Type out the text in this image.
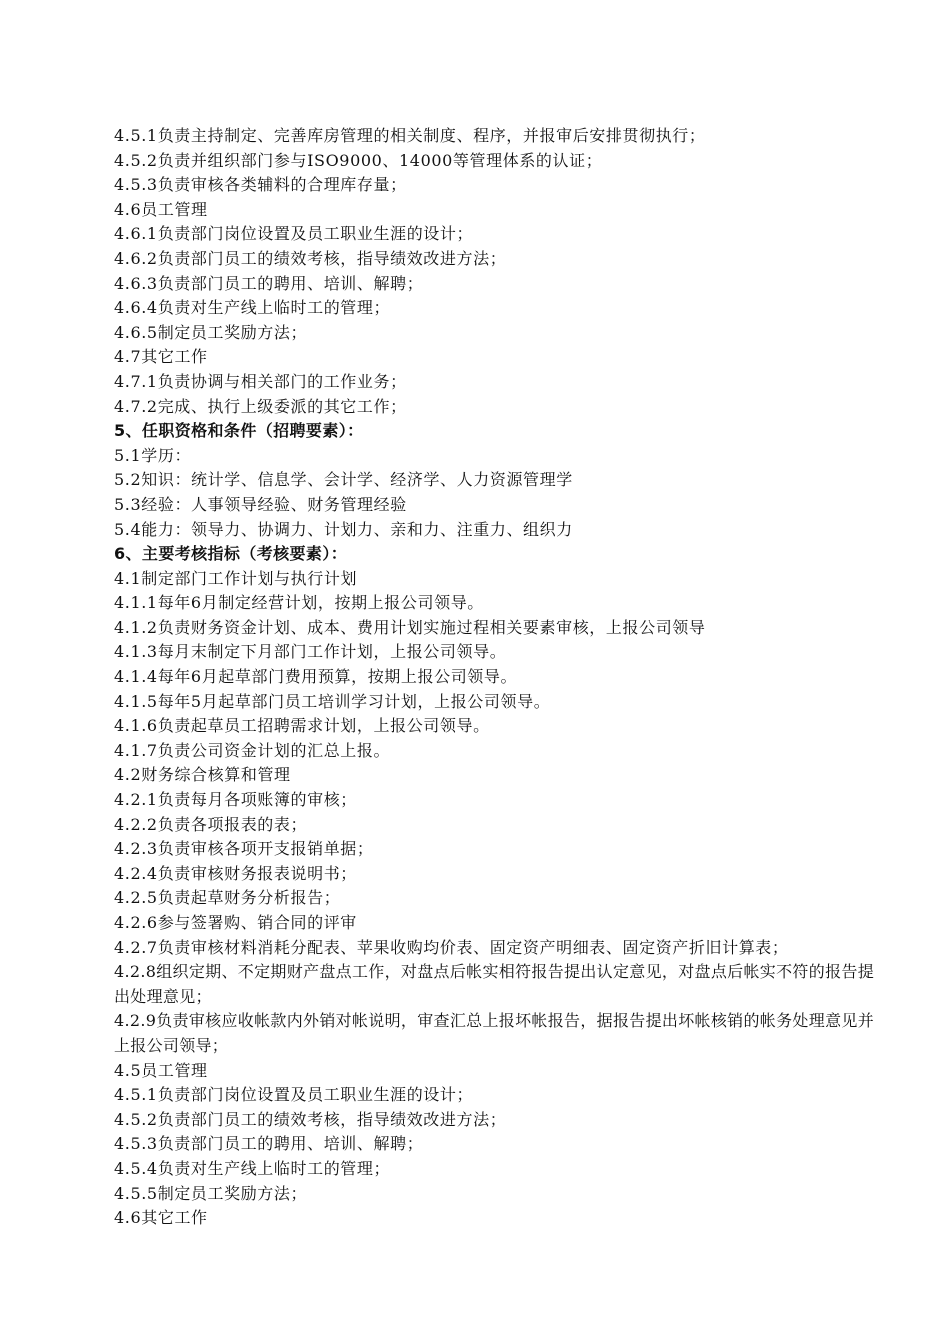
4.5.1负责主持制定、完善库房管理的相关制度、程序，并报审后安排贯彻执行；
4.5.2负责并组织部门参与ISO9000、14000等管理体系的认证；
4.5.3负责审核各类辅料的合理库存量；
4.6员工管理
4.6.1负责部门岗位设置及员工职业生涯的设计；
4.6.2负责部门员工的绩效考核，指导绩效改进方法；
4.6.3负责部门员工的聘用、培训、解聘；
4.6.4负责对生产线上临时工的管理；
4.6.5制定员工奖励方法；
4.7其它工作
4.7.1负责协调与相关部门的工作业务；
4.7.2完成、执行上级委派的其它工作；
5、任职资格和条件（招聘要素）：
5.1学历：
5.2知识：统计学、信息学、会计学、经济学、人力资源管理学
5.3经验：人事领导经验、财务管理经验
5.4能力：领导力、协调力、计划力、亲和力、注重力、组织力
6、主要考核指标（考核要素）：
4.1制定部门工作计划与执行计划
4.1.1每年6月制定经营计划，按期上报公司领导。
4.1.2负责财务资金计划、成本、费用计划实施过程相关要素审核，上报公司领导
4.1.3每月末制定下月部门工作计划，上报公司领导。
4.1.4每年6月起草部门费用预算，按期上报公司领导。
4.1.5每年5月起草部门员工培训学习计划，上报公司领导。
4.1.6负责起草员工招聘需求计划，上报公司领导。
4.1.7负责公司资金计划的汇总上报。
4.2财务综合核算和管理
4.2.1负责每月各项账簿的审核；
4.2.2负责各项报表的表；
4.2.3负责审核各项开支报销单据；
4.2.4负责审核财务报表说明书；
4.2.5负责起草财务分析报告；
4.2.6参与签署购、销合同的评审
4.2.7负责审核材料消耗分配表、苹果收购均价表、固定资产明细表、固定资产折旧计算表；
4.2.8组织定期、不定期财产盘点工作，对盘点后帐实相符报告提出认定意见，对盘点后帐实不符的报告提出处理意见；
4.2.9负责审核应收帐款内外销对帐说明，审查汇总上报坏帐报告，据报告提出坏帐核销的帐务处理意见并上报公司领导；
4.5员工管理
4.5.1负责部门岗位设置及员工职业生涯的设计；
4.5.2负责部门员工的绩效考核，指导绩效改进方法；
4.5.3负责部门员工的聘用、培训、解聘；
4.5.4负责对生产线上临时工的管理；
4.5.5制定员工奖励方法；
4.6其它工作
